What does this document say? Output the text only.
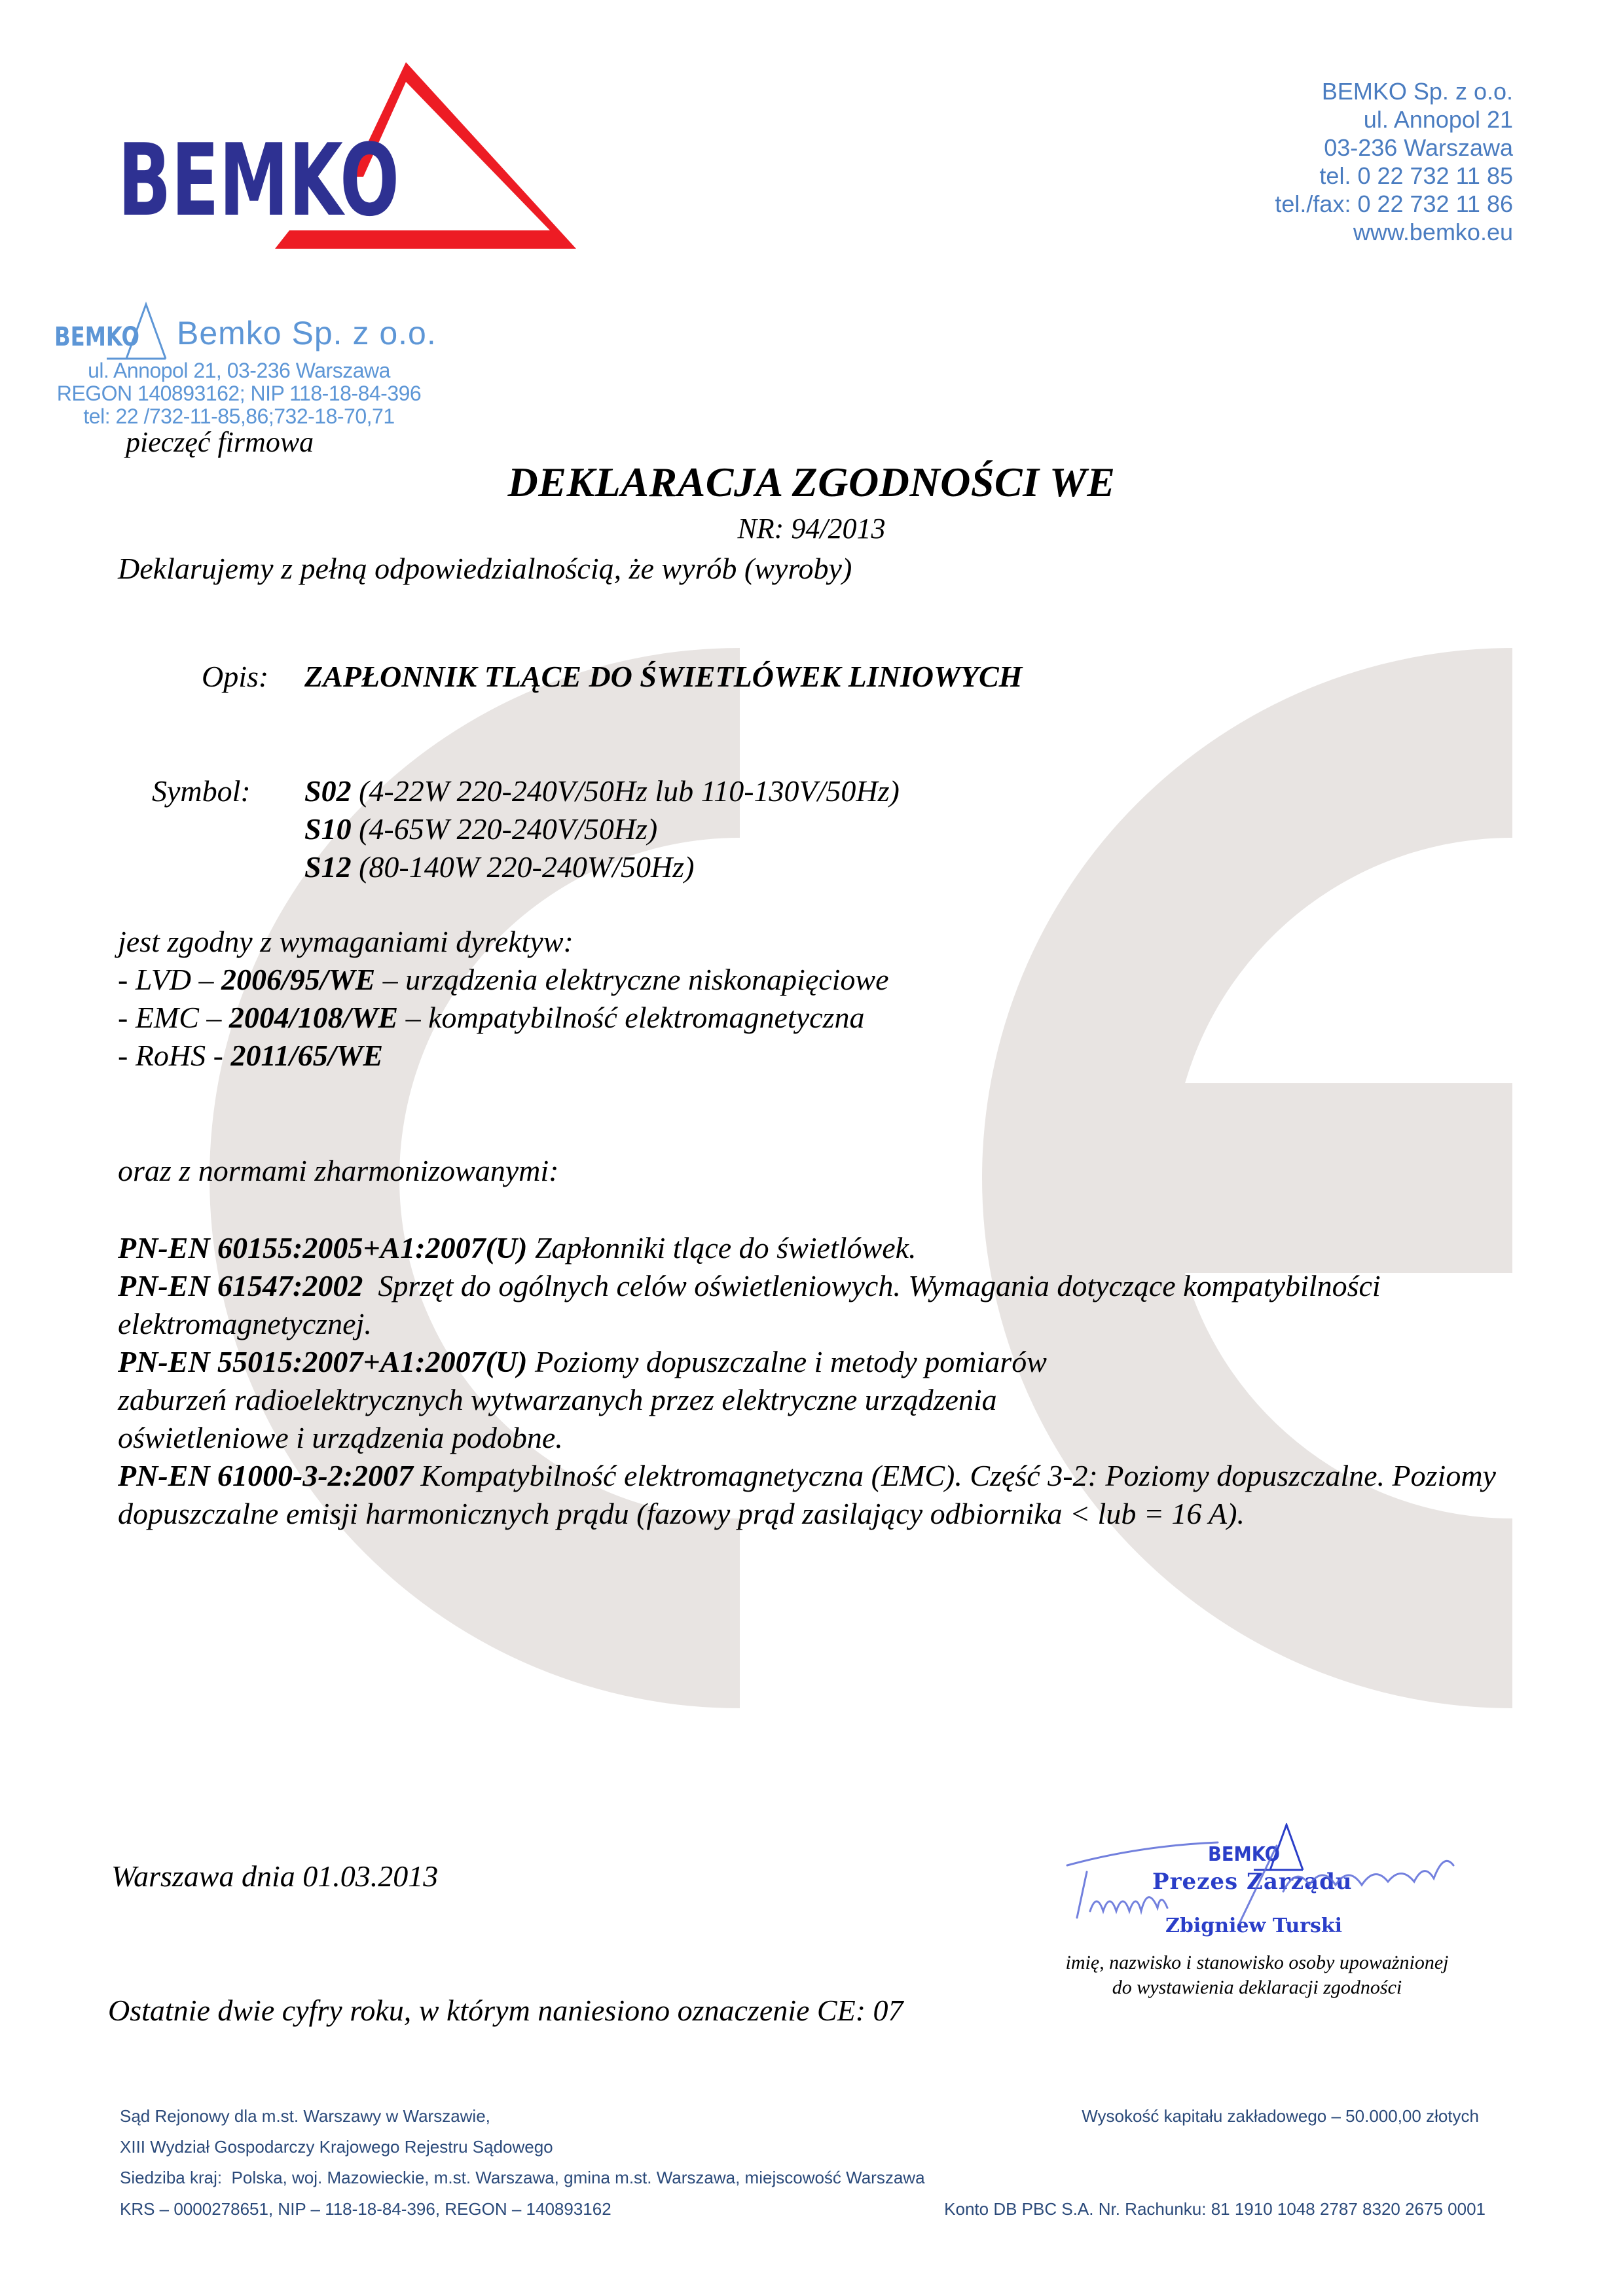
BEMKO
BEMKO Sp. z o.o.
ul. Annopol 21
03-236 Warszawa
tel. 0 22 732 11 85
tel./fax: 0 22 732 11 86
www.bemko.eu
BEMKO Bemko Sp. z o.o.
ul. Annopol 21, 03-236 Warszawa
REGON 140893162; NIP 118-18-84-396
tel: 22 /732-11-85,86;732-18-70,71
pieczęć firmowa
DEKLARACJA ZGODNOŚCI WE
NR: 94/2013
Deklarujemy z pełną odpowiedzialnością, że wyrób (wyroby)
Opis: ZAPŁONNIK TLĄCE DO ŚWIETLÓWEK LINIOWYCH
Symbol: S02 (4-22W 220-240V/50Hz lub 110-130V/50Hz)
S10 (4-65W 220-240V/50Hz)
S12 (80-140W 220-240W/50Hz)
jest zgodny z wymaganiami dyrektyw:
- LVD – 2006/95/WE – urządzenia elektryczne niskonapięciowe
- EMC – 2004/108/WE – kompatybilność elektromagnetyczna
- RoHS - 2011/65/WE
oraz z normami zharmonizowanymi:

PN-EN 60155:2005+A1:2007(U) Zapłonniki tlące do świetlówek.

PN-EN 61547:2002  Sprzęt do ogólnych celów oświetleniowych. Wymagania dotyczące kompatybilności elektromagnetycznej.

PN-EN 55015:2007+A1:2007(U) Poziomy dopuszczalne i metody pomiarów zaburzeń radioelektrycznych wytwarzanych przez elektryczne urządzenia oświetleniowe i urządzenia podobne.

PN-EN 61000-3-2:2007 Kompatybilność elektromagnetyczna (EMC). Część 3-2: Poziomy dopuszczalne. Poziomy dopuszczalne emisji harmonicznych prądu (fazowy prąd zasilający odbiornika < lub = 16 A).

Warszawa dnia 01.03.2013
Ostatnie dwie cyfry roku, w którym naniesiono oznaczenie CE: 07
BEMKO
Prezes Zarządu
Zbigniew Turski
imię, nazwisko i stanowisko osoby upoważnionej
do wystawienia deklaracji zgodności
Sąd Rejonowy dla m.st. Warszawy w Warszawie,
XIII Wydział Gospodarczy Krajowego Rejestru Sądowego
Siedziba kraj:  Polska, woj. Mazowieckie, m.st. Warszawa, gmina m.st. Warszawa, miejscowość Warszawa
KRS – 0000278651, NIP – 118-18-84-396, REGON – 140893162
Wysokość kapitału zakładowego – 50.000,00 złotych
Konto DB PBC S.A. Nr. Rachunku: 81 1910 1048 2787 8320 2675 0001
